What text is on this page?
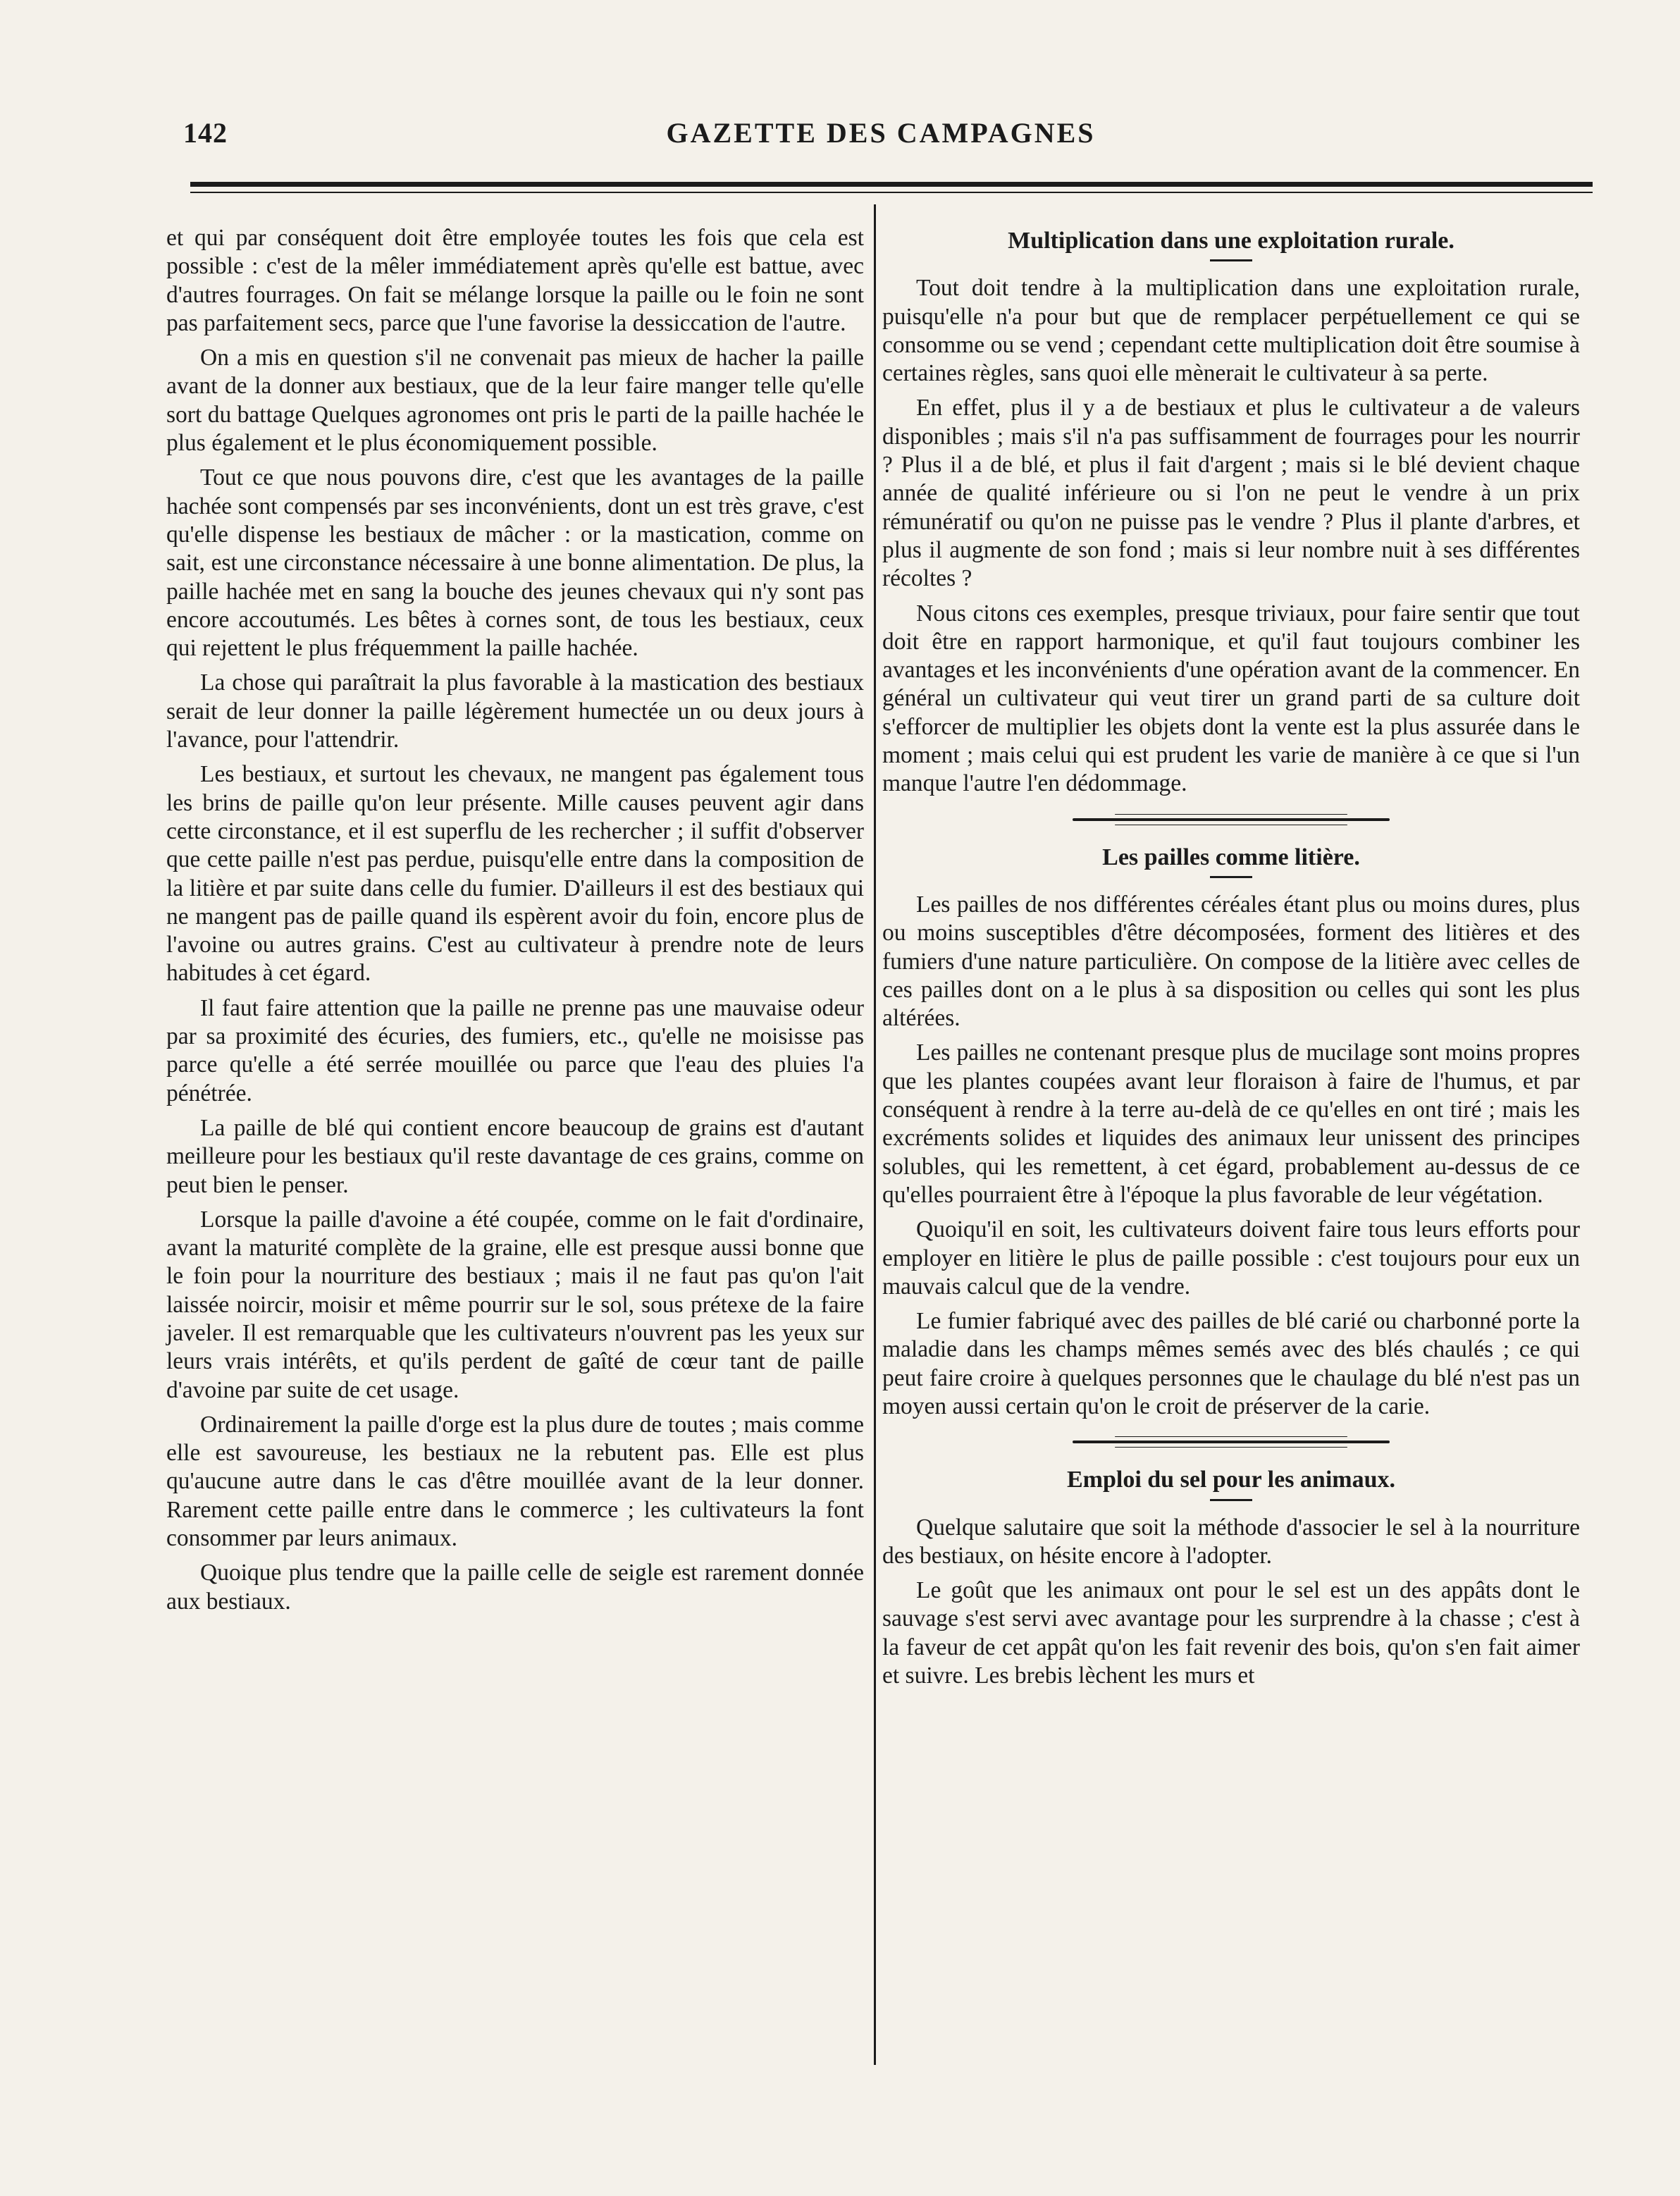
142	GAZETTE DES CAMPAGNES

et qui par conséquent doit être employée toutes les fois que cela est possible : c'est de la mêler immédiatement après qu'elle est battue, avec d'autres fourrages. On fait se mélange lorsque la paille ou le foin ne sont pas parfaitement secs, parce que l'une favorise la dessiccation de l'autre.

On a mis en question s'il ne convenait pas mieux de hacher la paille avant de la donner aux bestiaux, que de la leur faire manger telle qu'elle sort du battage Quelques agronomes ont pris le parti de la paille hachée le plus également et le plus économiquement possible.

Tout ce que nous pouvons dire, c'est que les avantages de la paille hachée sont compensés par ses inconvénients, dont un est très grave, c'est qu'elle dispense les bestiaux de mâcher : or la mastication, comme on sait, est une circonstance nécessaire à une bonne alimentation. De plus, la paille hachée met en sang la bouche des jeunes chevaux qui n'y sont pas encore accoutumés. Les bêtes à cornes sont, de tous les bestiaux, ceux qui rejettent le plus fréquemment la paille hachée.

La chose qui paraîtrait la plus favorable à la mastication des bestiaux serait de leur donner la paille légèrement humectée un ou deux jours à l'avance, pour l'attendrir.

Les bestiaux, et surtout les chevaux, ne mangent pas également tous les brins de paille qu'on leur présente. Mille causes peuvent agir dans cette circonstance, et il est superflu de les rechercher ; il suffit d'observer que cette paille n'est pas perdue, puisqu'elle entre dans la composition de la litière et par suite dans celle du fumier. D'ailleurs il est des bestiaux qui ne mangent pas de paille quand ils espèrent avoir du foin, encore plus de l'avoine ou autres grains. C'est au cultivateur à prendre note de leurs habitudes à cet égard.

Il faut faire attention que la paille ne prenne pas une mauvaise odeur par sa proximité des écuries, des fumiers, etc., qu'elle ne moisisse pas parce qu'elle a été serrée mouillée ou parce que l'eau des pluies l'a pénétrée.

La paille de blé qui contient encore beaucoup de grains est d'autant meilleure pour les bestiaux qu'il reste davantage de ces grains, comme on peut bien le penser.

Lorsque la paille d'avoine a été coupée, comme on le fait d'ordinaire, avant la maturité complète de la graine, elle est presque aussi bonne que le foin pour la nourriture des bestiaux ; mais il ne faut pas qu'on l'ait laissée noircir, moisir et même pourrir sur le sol, sous prétexe de la faire javeler. Il est remarquable que les cultivateurs n'ouvrent pas les yeux sur leurs vrais intérêts, et qu'ils perdent de gaîté de cœur tant de paille d'avoine par suite de cet usage.

Ordinairement la paille d'orge est la plus dure de toutes ; mais comme elle est savoureuse, les bestiaux ne la rebutent pas. Elle est plus qu'aucune autre dans le cas d'être mouillée avant de la leur donner. Rarement cette paille entre dans le commerce ; les cultivateurs la font consommer par leurs animaux.

Quoique plus tendre que la paille celle de seigle est rarement donnée aux bestiaux.

Multiplication dans une exploitation rurale.

Tout doit tendre à la multiplication dans une exploitation rurale, puisqu'elle n'a pour but que de remplacer perpétuellement ce qui se consomme ou se vend ; cependant cette multiplication doit être soumise à certaines règles, sans quoi elle mènerait le cultivateur à sa perte.

En effet, plus il y a de bestiaux et plus le cultivateur a de valeurs disponibles ; mais s'il n'a pas suffisamment de fourrages pour les nourrir ? Plus il a de blé, et plus il fait d'argent ; mais si le blé devient chaque année de qualité inférieure ou si l'on ne peut le vendre à un prix rémunératif ou qu'on ne puisse pas le vendre ? Plus il plante d'arbres, et plus il augmente de son fond ; mais si leur nombre nuit à ses différentes récoltes ?

Nous citons ces exemples, presque triviaux, pour faire sentir que tout doit être en rapport harmonique, et qu'il faut toujours combiner les avantages et les inconvénients d'une opération avant de la commencer. En général un cultivateur qui veut tirer un grand parti de sa culture doit s'efforcer de multiplier les objets dont la vente est la plus assurée dans le moment ; mais celui qui est prudent les varie de manière à ce que si l'un manque l'autre l'en dédommage.

Les pailles comme litière.

Les pailles de nos différentes céréales étant plus ou moins dures, plus ou moins susceptibles d'être décomposées, forment des litières et des fumiers d'une nature particulière. On compose de la litière avec celles de ces pailles dont on a le plus à sa disposition ou celles qui sont les plus altérées.

Les pailles ne contenant presque plus de mucilage sont moins propres que les plantes coupées avant leur floraison à faire de l'humus, et par conséquent à rendre à la terre au-delà de ce qu'elles en ont tiré ; mais les excréments solides et liquides des animaux leur unissent des principes solubles, qui les remettent, à cet égard, probablement au-dessus de ce qu'elles pourraient être à l'époque la plus favorable de leur végétation.

Quoiqu'il en soit, les cultivateurs doivent faire tous leurs efforts pour employer en litière le plus de paille possible : c'est toujours pour eux un mauvais calcul que de la vendre.

Le fumier fabriqué avec des pailles de blé carié ou charbonné porte la maladie dans les champs mêmes semés avec des blés chaulés ; ce qui peut faire croire à quelques personnes que le chaulage du blé n'est pas un moyen aussi certain qu'on le croit de préserver de la carie.

Emploi du sel pour les animaux.

Quelque salutaire que soit la méthode d'associer le sel à la nourriture des bestiaux, on hésite encore à l'adopter.

Le goût que les animaux ont pour le sel est un des appâts dont le sauvage s'est servi avec avantage pour les surprendre à la chasse ; c'est à la faveur de cet appât qu'on les fait revenir des bois, qu'on s'en fait aimer et suivre. Les brebis lèchent les murs et
